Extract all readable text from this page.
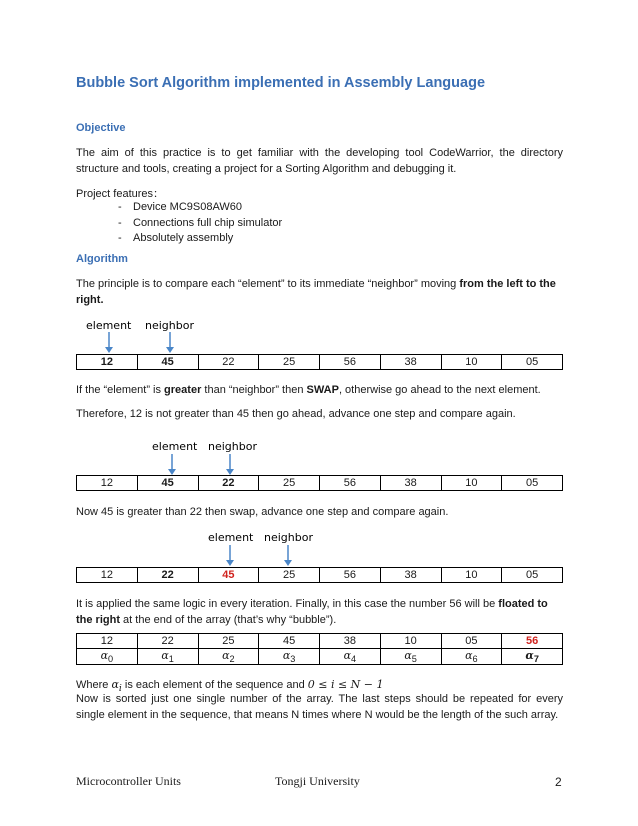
Bubble Sort Algorithm implemented in Assembly Language
Objective
The aim of this practice is to get familiar with the developing tool CodeWarrior, the directory structure and tools, creating a project for a Sorting Algorithm and debugging it.
Project features：
- Device MC9S08AW60
- Connections full chip simulator
- Absolutely assembly
Algorithm
The principle is to compare each “element” to its immediate “neighbor” moving from the left to the right.
element neighbor
12	45	22	25	56	38	10	05
If the “element” is greater than “neighbor” then SWAP, otherwise go ahead to the next element.
Therefore, 12 is not greater than 45 then go ahead, advance one step and compare again.
element neighbor
12	45	22	25	56	38	10	05
Now 45 is greater than 22 then swap, advance one step and compare again.
element neighbor
12	22	45	25	56	38	10	05
It is applied the same logic in every iteration. Finally, in this case the number 56 will be floated to the right at the end of the array (that’s why “bubble”).
12	22	25	45	38	10	05	56
$\alpha_0$	$\alpha_1$	$\alpha_2$	$\alpha_3$	$\alpha_4$	$\alpha_5$	$\alpha_6$	$\alpha_7$
Where $\alpha_i$ is each element of the sequence and 0 ≤ i ≤ N − 1
Now is sorted just one single number of the array. The last steps should be repeated for every single element in the sequence, that means N times where N would be the length of the such array.
Microcontroller Units	Tongji University	2
